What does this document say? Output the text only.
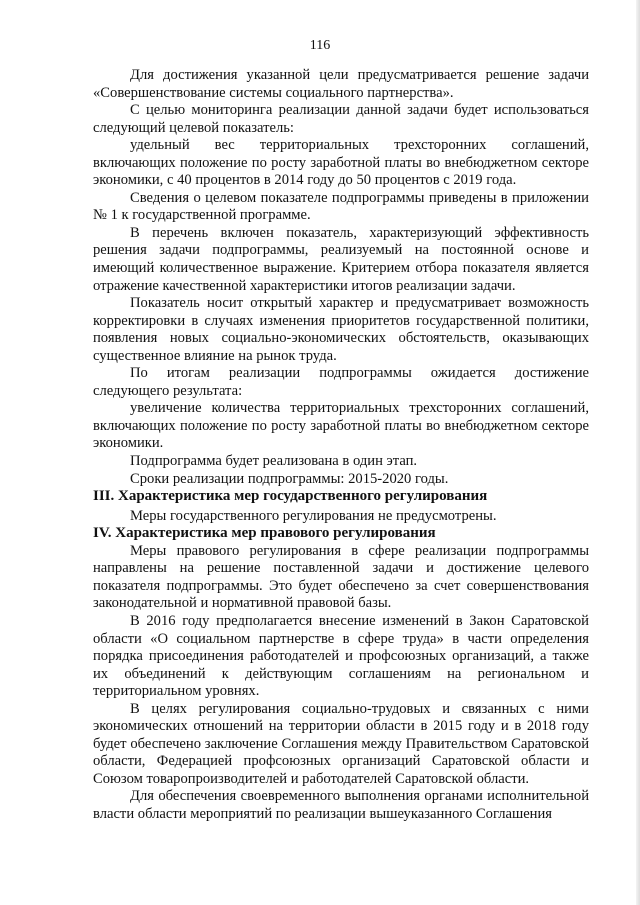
116

Для достижения указанной цели предусматривается решение задачи «Совершенствование системы социального партнерства».

С целью мониторинга реализации данной задачи будет использоваться следующий целевой показатель:

удельный вес территориальных трехсторонних соглашений, включающих положение по росту заработной платы во внебюджетном секторе экономики, с 40 процентов в 2014 году до 50 процентов с 2019 года.

Сведения о целевом показателе подпрограммы приведены в приложении № 1 к государственной программе.

В перечень включен показатель, характеризующий эффективность решения задачи подпрограммы, реализуемый на постоянной основе и имеющий количественное выражение. Критерием отбора показателя является отражение качественной характеристики итогов реализации задачи.

Показатель носит открытый характер и предусматривает возможность корректировки в случаях изменения приоритетов государственной политики, появления новых социально-экономических обстоятельств, оказывающих существенное влияние на рынок труда.

По итогам реализации подпрограммы ожидается достижение следующего результата:

увеличение количества территориальных трехсторонних соглашений, включающих положение по росту заработной платы во внебюджетном секторе экономики.

Подпрограмма будет реализована в один этап.

Сроки реализации подпрограммы: 2015-2020 годы.

III. Характеристика мер государственного регулирования

Меры государственного регулирования не предусмотрены.

IV. Характеристика мер правового регулирования

Меры правового регулирования в сфере реализации подпрограммы направлены на решение поставленной задачи и достижение целевого показателя подпрограммы. Это будет обеспечено за счет совершенствования законодательной и нормативной правовой базы.

В 2016 году предполагается внесение изменений в Закон Саратовской области «О социальном партнерстве в сфере труда» в части определения порядка присоединения работодателей и профсоюзных организаций, а также их объединений к действующим соглашениям на региональном и территориальном уровнях.

В целях регулирования социально-трудовых и связанных с ними экономических отношений на территории области в 2015 году и в 2018 году будет обеспечено заключение Соглашения между Правительством Саратовской области, Федерацией профсоюзных организаций Саратовской области и Союзом товаропроизводителей и работодателей Саратовской области.

Для обеспечения своевременного выполнения органами исполнительной власти области мероприятий по реализации вышеуказанного Соглашения
